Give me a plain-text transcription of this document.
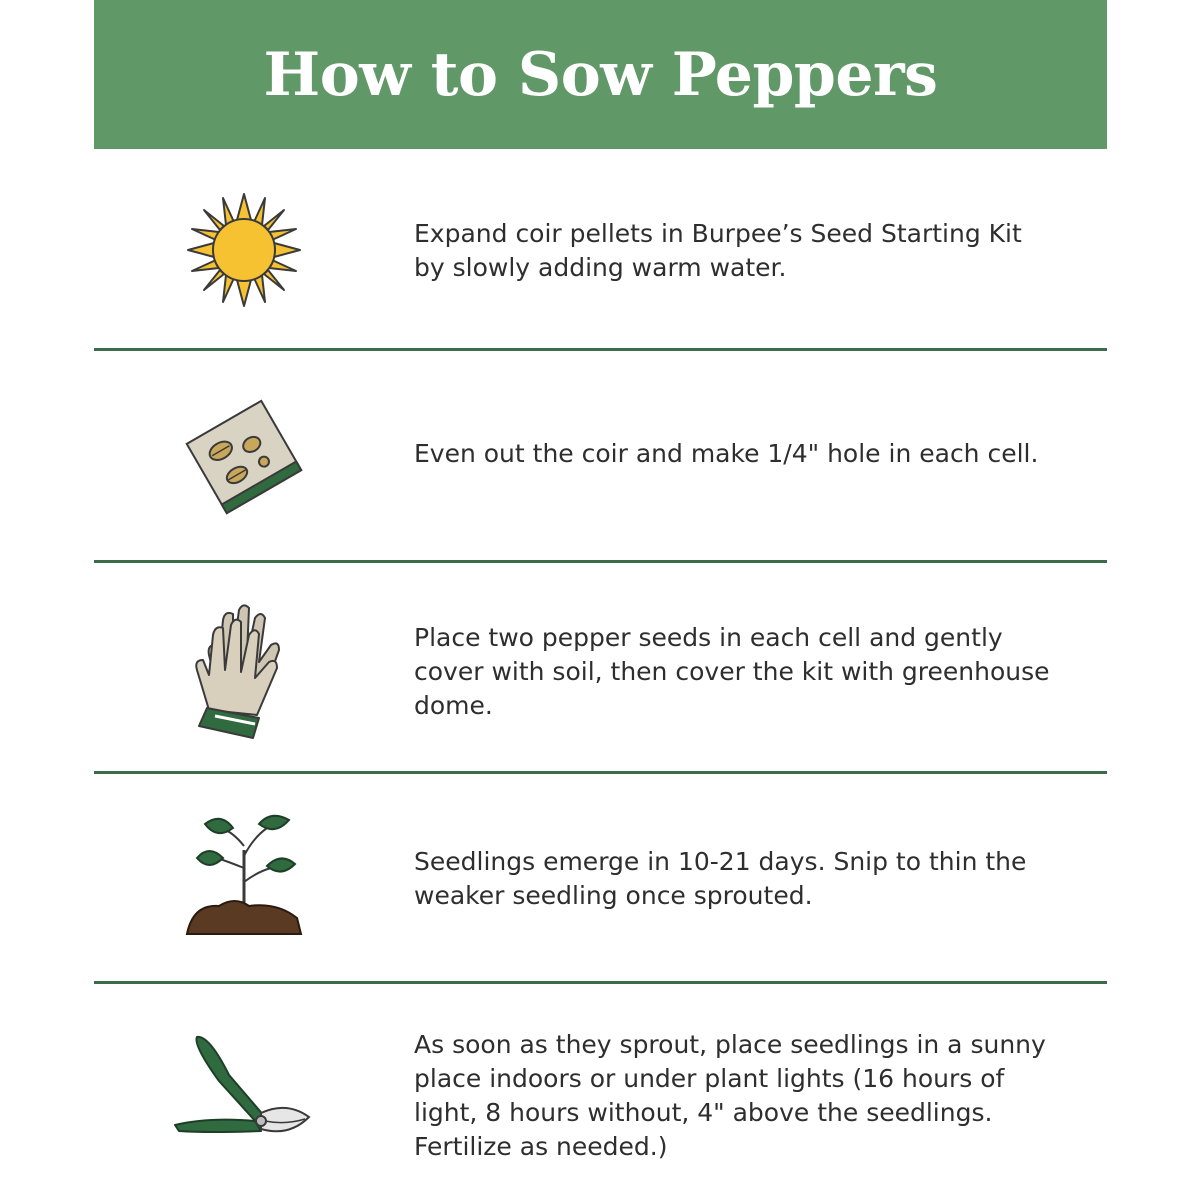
How to Sow Peppers
Expand coir pellets in Burpee’s Seed Starting Kit by slowly adding warm water.
Even out the coir and make 1/4" hole in each cell.
Place two pepper seeds in each cell and gently cover with soil, then cover the kit with greenhouse dome.
Seedlings emerge in 10-21 days. Snip to thin the weaker seedling once sprouted.
As soon as they sprout, place seedlings in a sunny place indoors or under plant lights (16 hours of light, 8 hours without, 4" above the seedlings. Fertilize as needed.)
